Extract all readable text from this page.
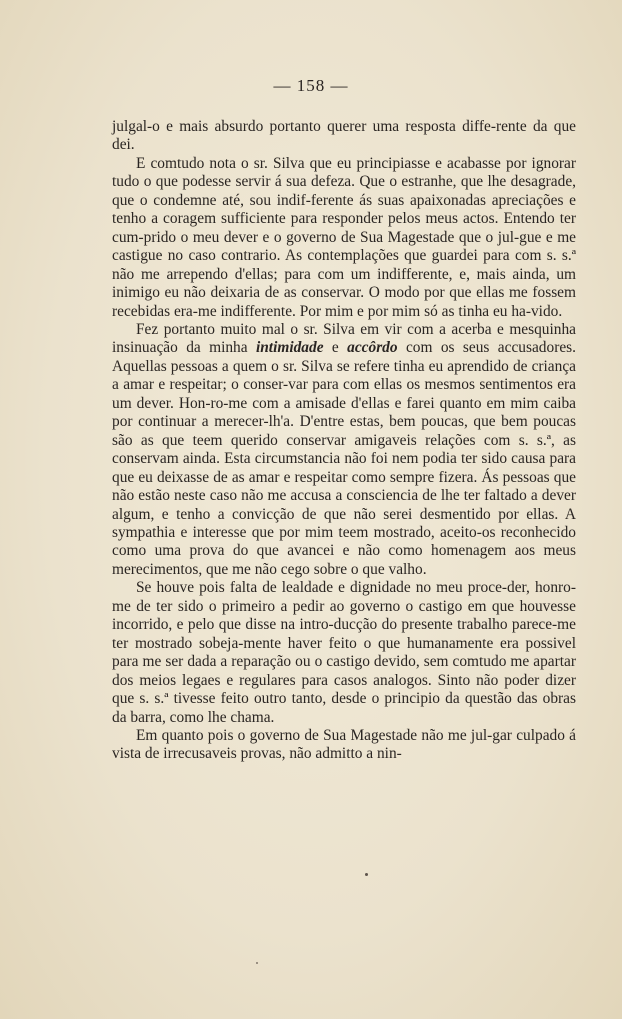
— 158 —

julgal-o e mais absurdo portanto querer uma resposta diffe-rente da que dei.

E comtudo nota o sr. Silva que eu principiasse e acabasse por ignorar tudo o que podesse servir á sua defeza. Que o estranhe, que lhe desagrade, que o condemne até, sou indif-ferente ás suas apaixonadas apreciações e tenho a coragem sufficiente para responder pelos meus actos. Entendo ter cum-prido o meu dever e o governo de Sua Magestade que o jul-gue e me castigue no caso contrario. As contemplações que guardei para com s. s.ª não me arrependo d'ellas; para com um indifferente, e, mais ainda, um inimigo eu não deixaria de as conservar. O modo por que ellas me fossem recebidas era-me indifferente. Por mim e por mim só as tinha eu ha-vido.

Fez portanto muito mal o sr. Silva em vir com a acerba e mesquinha insinuação da minha intimidade e accôrdo com os seus accusadores. Aquellas pessoas a quem o sr. Silva se refere tinha eu aprendido de criança a amar e respeitar; o conser-var para com ellas os mesmos sentimentos era um dever. Hon-ro-me com a amisade d'ellas e farei quanto em mim caiba por continuar a merecer-lh'a. D'entre estas, bem poucas, que bem poucas são as que teem querido conservar amigaveis relações com s. s.ª, as conservam ainda. Esta circumstancia não foi nem podia ter sido causa para que eu deixasse de as amar e respeitar como sempre fizera. Ás pessoas que não estão neste caso não me accusa a consciencia de lhe ter faltado a dever algum, e tenho a convicção de que não serei desmentido por ellas. A sympathia e interesse que por mim teem mostrado, aceito-os reconhecido como uma prova do que avancei e não como homenagem aos meus merecimentos, que me não cego sobre o que valho.

Se houve pois falta de lealdade e dignidade no meu proce-der, honro-me de ter sido o primeiro a pedir ao governo o castigo em que houvesse incorrido, e pelo que disse na intro-ducção do presente trabalho parece-me ter mostrado sobeja-mente haver feito o que humanamente era possivel para me ser dada a reparação ou o castigo devido, sem comtudo me apartar dos meios legaes e regulares para casos analogos. Sinto não poder dizer que s. s.ª tivesse feito outro tanto, desde o principio da questão das obras da barra, como lhe chama.

Em quanto pois o governo de Sua Magestade não me jul-gar culpado á vista de irrecusaveis provas, não admitto a nin-
